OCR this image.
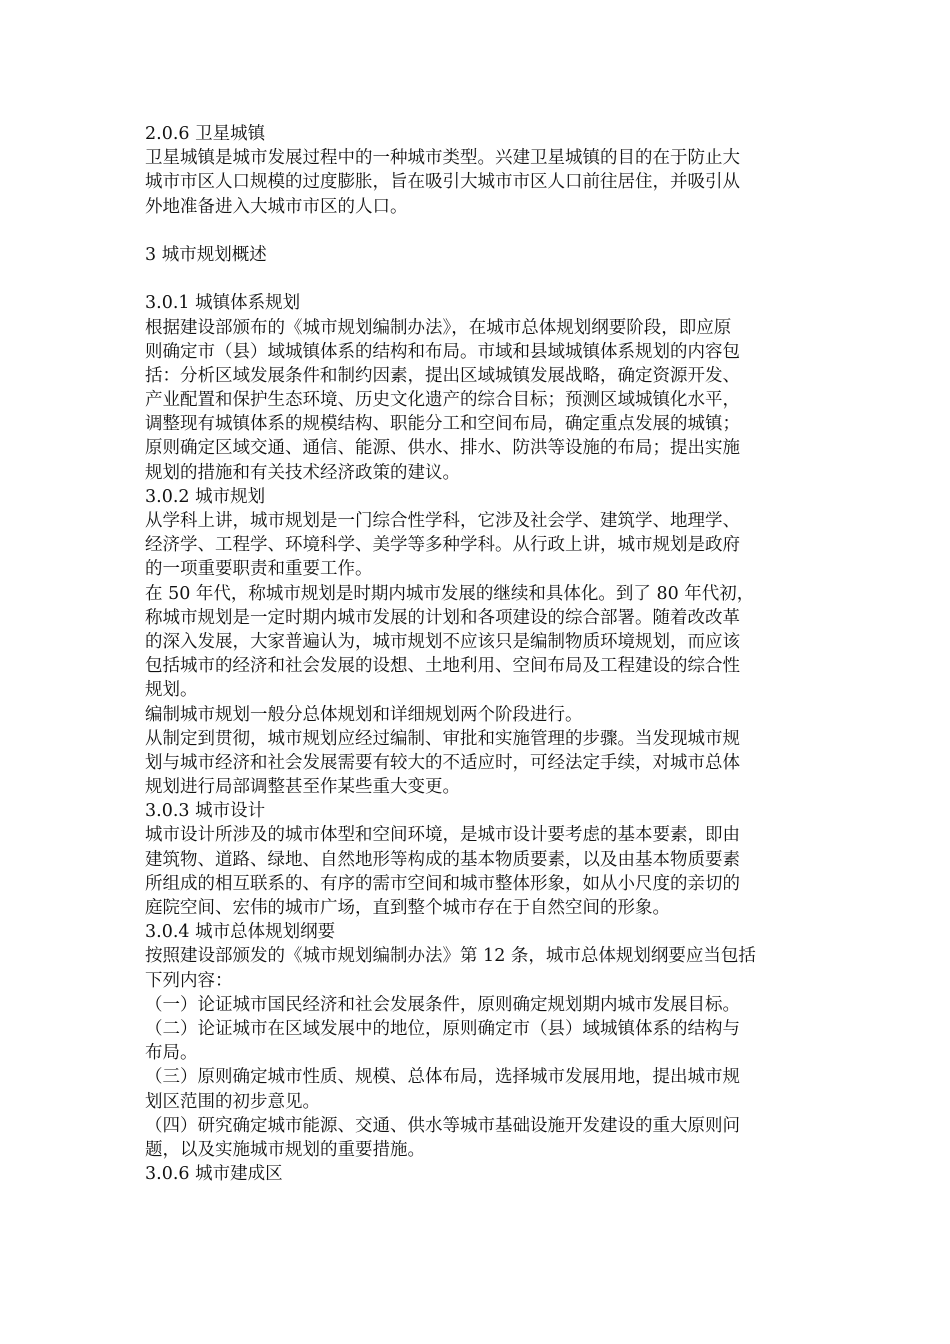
2.0.6 卫星城镇
卫星城镇是城市发展过程中的一种城市类型。兴建卫星城镇的目的在于防止大
城市市区人口规模的过度膨胀，旨在吸引大城市市区人口前往居住，并吸引从
外地准备进入大城市市区的人口。
3 城市规划概述
3.0.1 城镇体系规划
根据建设部颁布的《城市规划编制办法》，在城市总体规划纲要阶段，即应原
则确定市（县）域城镇体系的结构和布局。市域和县域城镇体系规划的内容包
括：分析区域发展条件和制约因素，提出区域城镇发展战略，确定资源开发、
产业配置和保护生态环境、历史文化遗产的综合目标；预测区域城镇化水平，
调整现有城镇体系的规模结构、职能分工和空间布局，确定重点发展的城镇；
原则确定区域交通、通信、能源、供水、排水、防洪等设施的布局；提出实施
规划的措施和有关技术经济政策的建议。
3.0.2 城市规划
从学科上讲，城市规划是一门综合性学科，它涉及社会学、建筑学、地理学、
经济学、工程学、环境科学、美学等多种学科。从行政上讲，城市规划是政府
的一项重要职责和重要工作。
在 50 年代，称城市规划是时期内城市发展的继续和具体化。到了 80 年代初，
称城市规划是一定时期内城市发展的计划和各项建设的综合部署。随着改改革
的深入发展，大家普遍认为，城市规划不应该只是编制物质环境规划，而应该
包括城市的经济和社会发展的设想、土地利用、空间布局及工程建设的综合性
规划。
编制城市规划一般分总体规划和详细规划两个阶段进行。
从制定到贯彻，城市规划应经过编制、审批和实施管理的步骤。当发现城市规
划与城市经济和社会发展需要有较大的不适应时，可经法定手续，对城市总体
规划进行局部调整甚至作某些重大变更。
3.0.3 城市设计
城市设计所涉及的城市体型和空间环境，是城市设计要考虑的基本要素，即由
建筑物、道路、绿地、自然地形等构成的基本物质要素，以及由基本物质要素
所组成的相互联系的、有序的需市空间和城市整体形象，如从小尺度的亲切的
庭院空间、宏伟的城市广场，直到整个城市存在于自然空间的形象。
3.0.4 城市总体规划纲要
按照建设部颁发的《城市规划编制办法》第 12 条，城市总体规划纲要应当包括
下列内容：
（一）论证城市国民经济和社会发展条件，原则确定规划期内城市发展目标。
（二）论证城市在区域发展中的地位，原则确定市（县）域城镇体系的结构与
布局。
（三）原则确定城市性质、规模、总体布局，选择城市发展用地，提出城市规
划区范围的初步意见。
（四）研究确定城市能源、交通、供水等城市基础设施开发建设的重大原则问
题，以及实施城市规划的重要措施。
3.0.6 城市建成区
